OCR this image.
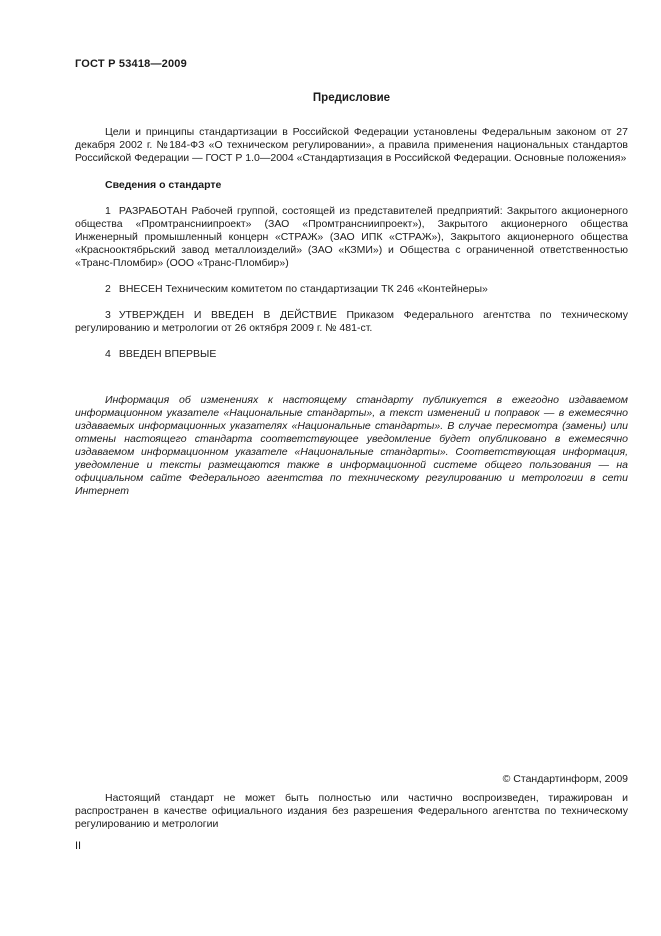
ГОСТ Р 53418—2009
Предисловие

Цели и принципы стандартизации в Российской Федерации установлены Федеральным законом от 27 декабря 2002 г. №184-ФЗ «О техническом регулировании», а правила применения национальных стандартов Российской Федерации — ГОСТ Р 1.0—2004 «Стандартизация в Российской Федерации. Основные положения»

Сведения о стандарте

1 РАЗРАБОТАН Рабочей группой, состоящей из представителей предприятий: Закрытого акционерного общества «Промтрансниипроект» (ЗАО «Промтрансниипроект»), Закрытого акционерного общества Инженерный промышленный концерн «СТРАЖ» (ЗАО ИПК «СТРАЖ»), Закрытого акционерного общества «Краснооктябрьский завод металлоизделий» (ЗАО «КЗМИ») и Общества с ограниченной ответственностью «Транс-Пломбир» (ООО «Транс-Пломбир»)

2 ВНЕСЕН Техническим комитетом по стандартизации ТК 246 «Контейнеры»

3 УТВЕРЖДЕН И ВВЕДЕН В ДЕЙСТВИЕ Приказом Федерального агентства по техническому регулированию и метрологии от 26 октября 2009 г. № 481-ст.

4 ВВЕДЕН ВПЕРВЫЕ

Информация об изменениях к настоящему стандарту публикуется в ежегодно издаваемом информационном указателе «Национальные стандарты», а текст изменений и поправок — в ежемесячно издаваемых информационных указателях «Национальные стандарты». В случае пересмотра (замены) или отмены настоящего стандарта соответствующее уведомление будет опубликовано в ежемесячно издаваемом информационном указателе «Национальные стандарты». Соответствующая информация, уведомление и тексты размещаются также в информационной системе общего пользования — на официальном сайте Федерального агентства по техническому регулированию и метрологии в сети Интернет

© Стандартинформ, 2009

Настоящий стандарт не может быть полностью или частично воспроизведен, тиражирован и распространен в качестве официального издания без разрешения Федерального агентства по техническому регулированию и метрологии

II
